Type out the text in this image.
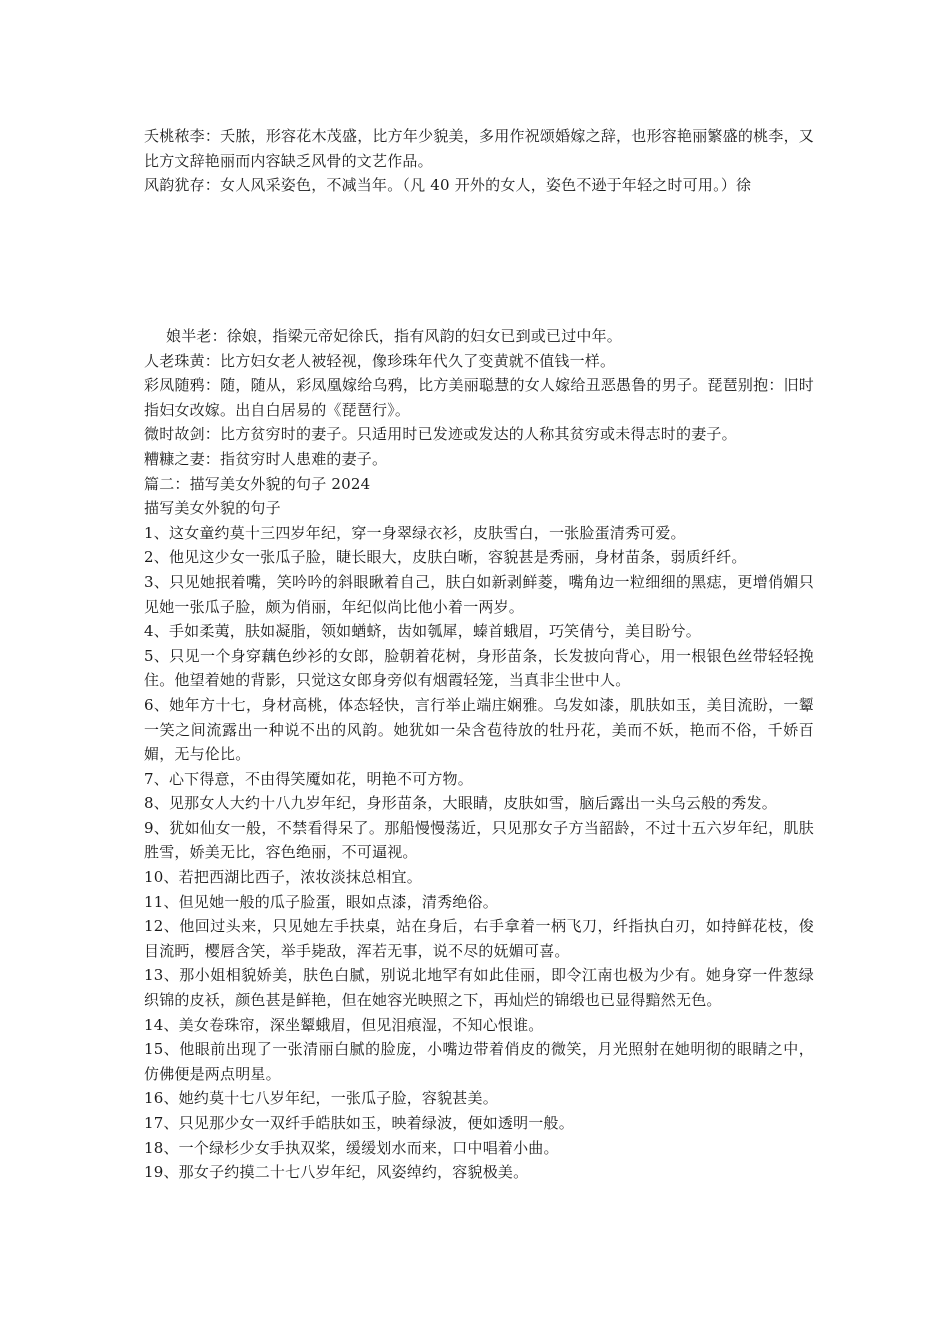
夭桃秾李：夭脓，形容花木茂盛，比方年少貌美，多用作祝颂婚嫁之辞，也形容艳丽繁盛的桃李，又比方文辞艳丽而内容缺乏风骨的文艺作品。

风韵犹存：女人风采姿色，不减当年。（凡 40 开外的女人，姿色不逊于年轻之时可用。）徐

娘半老：徐娘，指梁元帝妃徐氏，指有风韵的妇女已到或已过中年。

人老珠黄：比方妇女老人被轻视，像珍珠年代久了变黄就不值钱一样。

彩凤随鸦：随，随从，彩凤凰嫁给乌鸦，比方美丽聪慧的女人嫁给丑恶愚鲁的男子。琵琶别抱：旧时指妇女改嫁。出自白居易的《琵琶行》。

微时故剑：比方贫穷时的妻子。只适用时已发迹或发达的人称其贫穷或未得志时的妻子。

糟糠之妻：指贫穷时人患难的妻子。

篇二：描写美女外貌的句子 2024

描写美女外貌的句子

1、这女童约莫十三四岁年纪，穿一身翠绿衣衫，皮肤雪白，一张脸蛋清秀可爱。

2、他见这少女一张瓜子脸，睫长眼大，皮肤白晰，容貌甚是秀丽，身材苗条，弱质纤纤。

3、只见她抿着嘴，笑吟吟的斜眼瞅着自己，肤白如新剥鲜菱，嘴角边一粒细细的黑痣，更增俏媚只见她一张瓜子脸，颇为俏丽，年纪似尚比他小着一两岁。

4、手如柔荑，肤如凝脂，领如蝤蛴，齿如瓠犀，螓首蛾眉，巧笑倩兮，美目盼兮。

5、只见一个身穿藕色纱衫的女郎，脸朝着花树，身形苗条，长发披向背心，用一根银色丝带轻轻挽住。他望着她的背影，只觉这女郎身旁似有烟霞轻笼，当真非尘世中人。

6、她年方十七，身材高桃，体态轻快，言行举止端庄娴雅。乌发如漆，肌肤如玉，美目流盼，一颦一笑之间流露出一种说不出的风韵。她犹如一朵含苞待放的牡丹花，美而不妖，艳而不俗，千娇百媚，无与伦比。

7、心下得意，不由得笑魇如花，明艳不可方物。

8、见那女人大约十八九岁年纪，身形苗条，大眼睛，皮肤如雪，脑后露出一头乌云般的秀发。

9、犹如仙女一般，不禁看得呆了。那船慢慢荡近，只见那女子方当韶龄，不过十五六岁年纪，肌肤胜雪，娇美无比，容色绝丽，不可逼视。

10、若把西湖比西子，浓妆淡抹总相宜。

11、但见她一般的瓜子脸蛋，眼如点漆，清秀绝俗。

12、他回过头来，只见她左手扶桌，站在身后，右手拿着一柄飞刀，纤指执白刃，如持鲜花枝，俊目流眄，樱唇含笑，举手毙敌，浑若无事，说不尽的妩媚可喜。

13、那小姐相貌娇美，肤色白腻，别说北地罕有如此佳丽，即令江南也极为少有。她身穿一件葱绿织锦的皮袄，颜色甚是鲜艳，但在她容光映照之下，再灿烂的锦缎也已显得黯然无色。

14、美女卷珠帘，深坐颦蛾眉，但见泪痕湿，不知心恨谁。

15、他眼前出现了一张清丽白腻的脸庞，小嘴边带着俏皮的微笑，月光照射在她明彻的眼睛之中，仿佛便是两点明星。

16、她约莫十七八岁年纪，一张瓜子脸，容貌甚美。

17、只见那少女一双纤手皓肤如玉，映着绿波，便如透明一般。

18、一个绿杉少女手执双桨，缓缓划水而来，口中唱着小曲。

19、那女子约摸二十七八岁年纪，风姿绰约，容貌极美。
